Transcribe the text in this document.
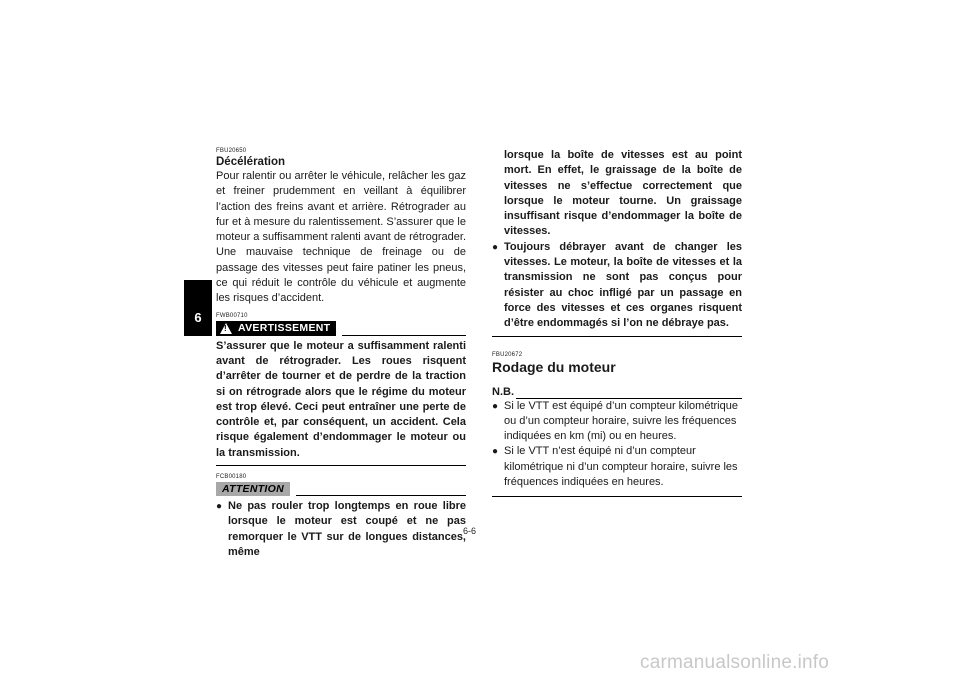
6
FBU20650
Décélération

Pour ralentir ou arrêter le véhicule, relâcher les gaz et freiner prudemment en veillant à équilibrer l’action des freins avant et arrière. Rétrograder au fur et à mesure du ralentissement. S’assurer que le moteur a suffisamment ralenti avant de rétrograder. Une mauvaise technique de freinage ou de passage des vitesses peut faire patiner les pneus, ce qui réduit le contrôle du véhicule et augmente les risques d’accident.

FWB00710
!
AVERTISSEMENT

S’assurer que le moteur a suffisamment ralenti avant de rétrograder. Les roues risquent d’arrêter de tourner et de perdre de la traction si on rétrograde alors que le régime du moteur est trop élevé. Ceci peut entraîner une perte de contrôle et, par conséquent, un accident. Cela risque également d’endommager le moteur ou la transmission.

FCB00180
ATTENTION
● Ne pas rouler trop longtemps en roue libre lorsque le moteur est coupé et ne pas remorquer le VTT sur de longues distances, même
lorsque la boîte de vitesses est au point mort. En effet, le graissage de la boîte de vitesses ne s’effectue correctement que lorsque le moteur tourne. Un graissage insuffisant risque d’endommager la boîte de vitesses.
● Toujours débrayer avant de changer les vitesses. Le moteur, la boîte de vitesses et la transmission ne sont pas conçus pour résister au choc infligé par un passage en force des vitesses et ces organes risquent d’être endommagés si l’on ne débraye pas.
FBU20672
Rodage du moteur
N.B.
● Si le VTT est équipé d’un compteur kilométrique ou d’un compteur horaire, suivre les fréquences indiquées en km (mi) ou en heures.
● Si le VTT n’est équipé ni d’un compteur kilométrique ni d’un compteur horaire, suivre les fréquences indiquées en heures.
6-6
carmanualsonline.info
